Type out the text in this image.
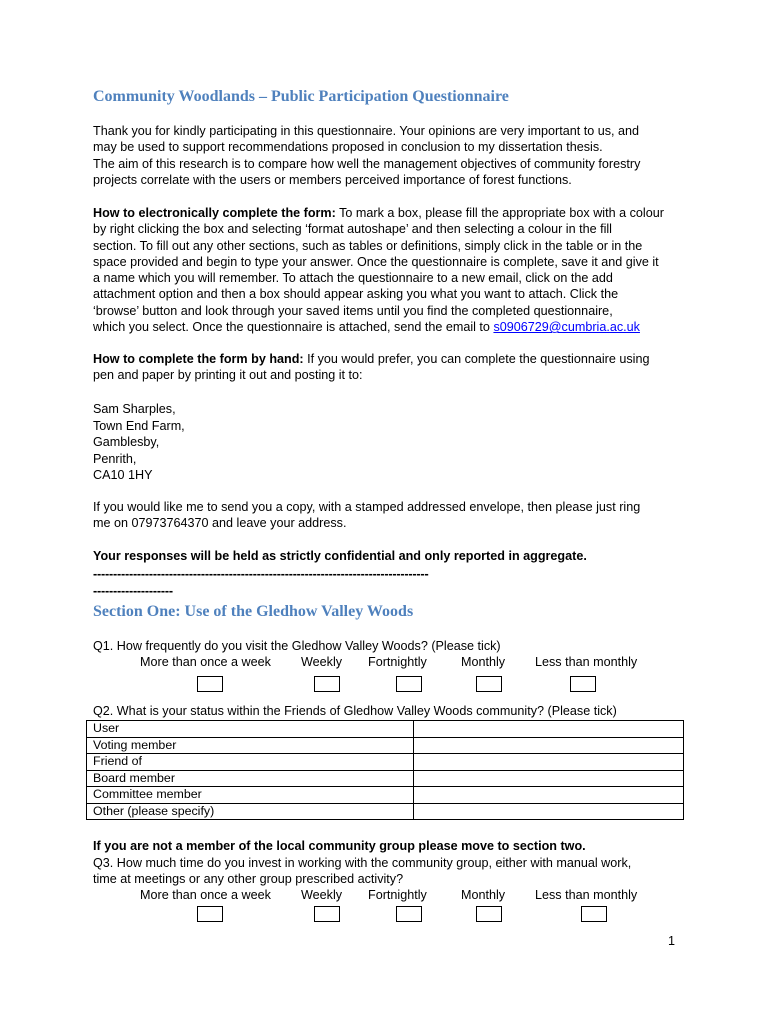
Community Woodlands – Public Participation Questionnaire
Thank you for kindly participating in this questionnaire. Your opinions are very important to us, and
may be used to support recommendations proposed in conclusion to my dissertation thesis.
The aim of this research is to compare how well the management objectives of community forestry
projects correlate with the users or members perceived importance of forest functions.
How to electronically complete the form: To mark a box, please fill the appropriate box with a colour
by right clicking the box and selecting ‘format autoshape’ and then selecting a colour in the fill
section. To fill out any other sections, such as tables or definitions, simply click in the table or in the
space provided and begin to type your answer. Once the questionnaire is complete, save it and give it
a name which you will remember. To attach the questionnaire to a new email, click on the add
attachment option and then a box should appear asking you what you want to attach. Click the
‘browse’ button and look through your saved items until you find the completed questionnaire,
which you select. Once the questionnaire is attached, send the email to s0906729@cumbria.ac.uk
How to complete the form by hand: If you would prefer, you can complete the questionnaire using
pen and paper by printing it out and posting it to:
Sam Sharples,
Town End Farm,
Gamblesby,
Penrith,
CA10 1HY
If you would like me to send you a copy, with a stamped addressed envelope, then please just ring
me on 07973764370 and leave your address.
Your responses will be held as strictly confidential and only reported in aggregate.
------------------------------------------------------------------------------------
--------------------
Section One: Use of the Gledhow Valley Woods
Q1. How frequently do you visit the Gledhow Valley Woods? (Please tick)
More than once a week Weekly Fortnightly	Monthly Less than monthly
Q2. What is your status within the Friends of Gledhow Valley Woods community? (Please tick)
User	
Voting member	
Friend of	
Board member	
Committee member	
Other (please specify)	
If you are not a member of the local community group please move to section two.
Q3. How much time do you invest in working with the community group, either with manual work,
time at meetings or any other group prescribed activity?
More than once a week Weekly Fortnightly	Monthly Less than monthly
1
